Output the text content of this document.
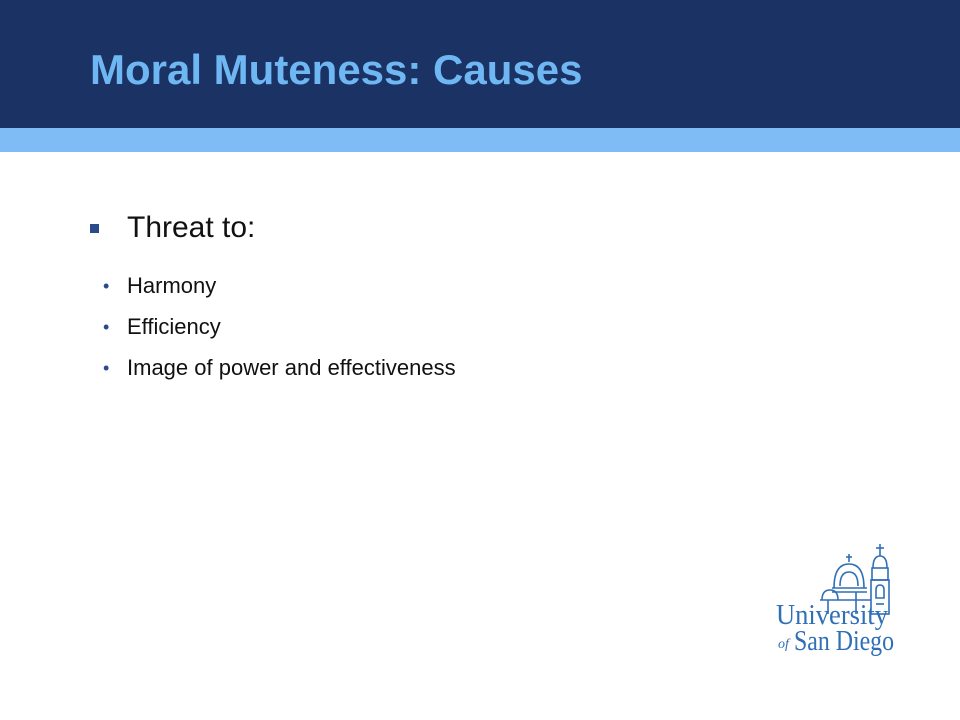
Moral Muteness: Causes
Threat to:
• Harmony
• Efficiency
• Image of power and effectiveness
University
of San Diego
